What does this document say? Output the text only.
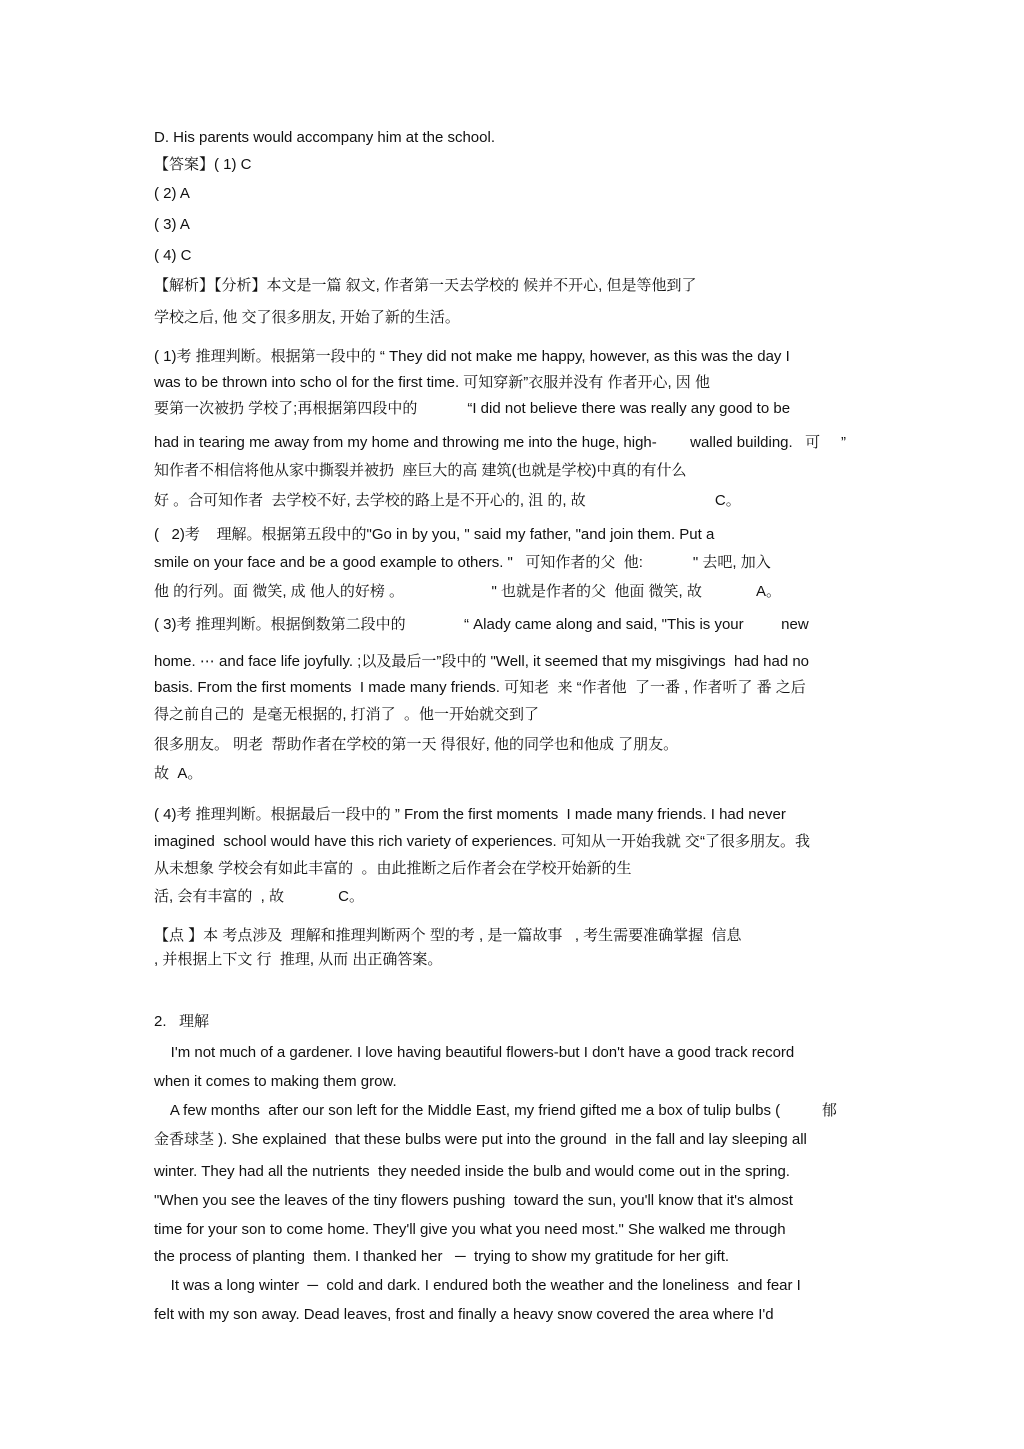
D. His parents would accompany him at the school.

【答案】( 1) C

( 2) A

( 3) A

( 4) C

【解析】【分析】本文是一篇 叙文, 作者第一天去学校的 候并不开心, 但是等他到了

学校之后, 他 交了很多朋友, 开始了新的生活。

( 1)考 推理判断。根据第一段中的 “ They did not make me happy, however, as this was the day I

was to be thrown into scho ol for the first time. 可知穿新”衣服并没有 作者开心, 因 他

要第一次被扔 学校了;再根据第四段中的            “I did not believe there was really any good to be

had in tearing me away from my home and throwing me into the huge, high-        walled building.   可     ”

知作者不相信将他从家中撕裂并被扔  座巨大的高 建筑(也就是学校)中真的有什么

好 。合可知作者  去学校不好, 去学校的路上是不开心的, 沮 的, 故                               C。

(   2)考    理解。根据第五段中的"Go in by you, " said my father, "and join them. Put a

smile on your face and be a good example to others. "   可知作者的父  他:            " 去吧, 加入

他 的行列。面 微笑, 成 他人的好榜 。                     " 也就是作者的父  他面 微笑, 故             A。

( 3)考 推理判断。根据倒数第二段中的              “ Alady came along and said, "This is your         new

home. ⋯ and face life joyfully. ;以及最后一”段中的 "Well, it seemed that my misgivings  had had no

basis. From the first moments  I made many friends. 可知老  来 “作者他  了一番 , 作者听了 番 之后

得之前自己的  是毫无根据的, 打消了  。他一开始就交到了

很多朋友。 明老  帮助作者在学校的第一天 得很好, 他的同学也和他成 了朋友。

故  A。

( 4)考 推理判断。根据最后一段中的 ” From the first moments  I made many friends. I had never

imagined  school would have this rich variety of experiences. 可知从一开始我就 交“了很多朋友。我

从未想象 学校会有如此丰富的  。由此推断之后作者会在学校开始新的生

活, 会有丰富的  , 故             C。

【点 】本 考点涉及  理解和推理判断两个 型的考 , 是一篇故事   , 考生需要准确掌握  信息

, 并根据上下文 行  推理, 从而 出正确答案。

2.   理解

I'm not much of a gardener. I love having beautiful flowers-but I don't have a good track record

when it comes to making them grow.

A few months  after our son left for the Middle East, my friend gifted me a box of tulip bulbs (          郁

金香球茎 ). She explained  that these bulbs were put into the ground  in the fall and lay sleeping all

winter. They had all the nutrients  they needed inside the bulb and would come out in the spring.

"When you see the leaves of the tiny flowers pushing  toward the sun, you'll know that it's almost

time for your son to come home. They'll give you what you need most." She walked me through

the process of planting  them. I thanked her   ─  trying to show my gratitude for her gift.

It was a long winter  ─  cold and dark. I endured both the weather and the loneliness  and fear I

felt with my son away. Dead leaves, frost and finally a heavy snow covered the area where I'd
